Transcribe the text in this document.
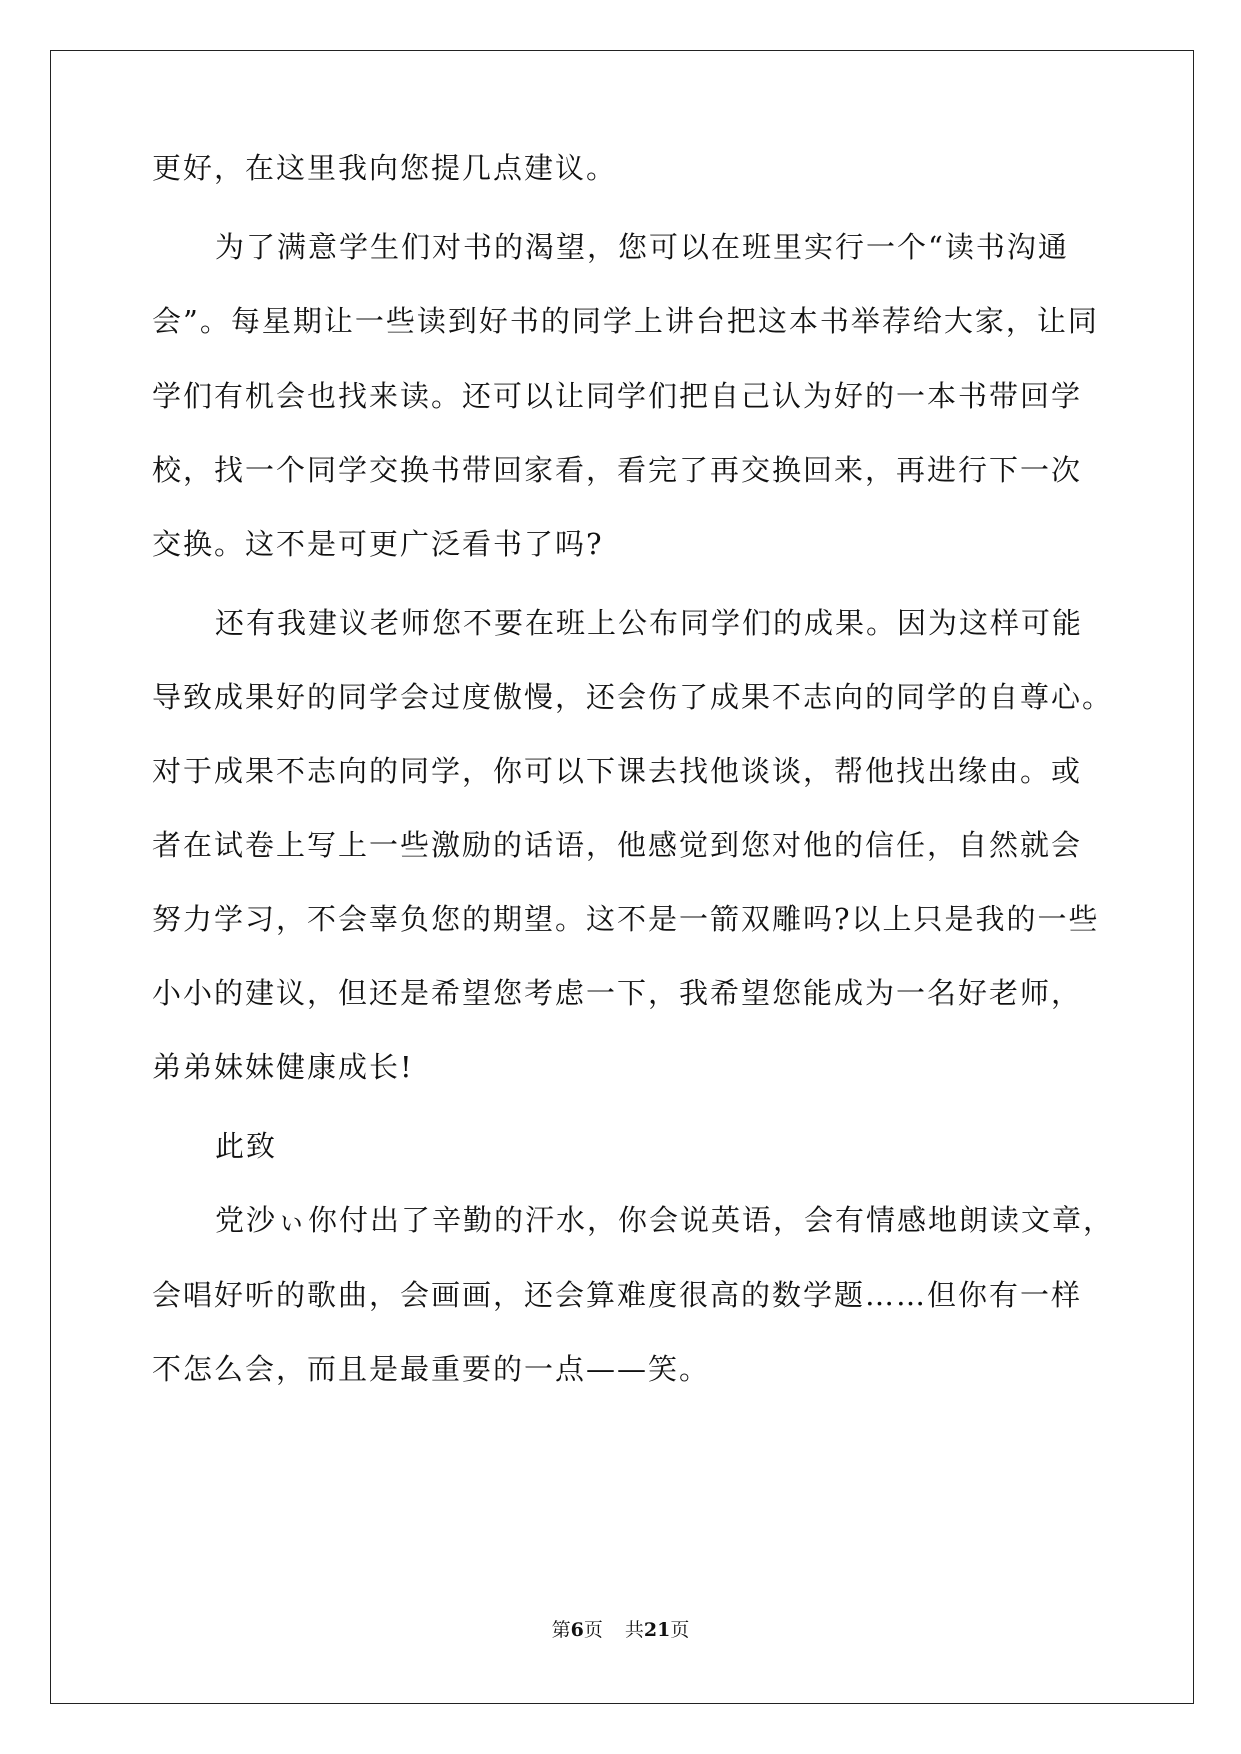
更好，在这里我向您提几点建议。
为了满意学生们对书的渴望，您可以在班里实行一个“读书沟通
会”。每星期让一些读到好书的同学上讲台把这本书举荐给大家，让同
学们有机会也找来读。还可以让同学们把自己认为好的一本书带回学
校，找一个同学交换书带回家看，看完了再交换回来，再进行下一次
交换。这不是可更广泛看书了吗?
还有我建议老师您不要在班上公布同学们的成果。因为这样可能
导致成果好的同学会过度傲慢，还会伤了成果不志向的同学的自尊心。
对于成果不志向的同学，你可以下课去找他谈谈，帮他找出缘由。或
者在试卷上写上一些激励的话语，他感觉到您对他的信任，自然就会
努力学习，不会辜负您的期望。这不是一箭双雕吗?以上只是我的一些
小小的建议，但还是希望您考虑一下，我希望您能成为一名好老师，
弟弟妹妹健康成长!
此致
党沙ぃ你付出了辛勤的汗水，你会说英语，会有情感地朗读文章，
会唱好听的歌曲，会画画，还会算难度很高的数学题……但你有一样
不怎么会，而且是最重要的一点——笑。
第6页 共21页
